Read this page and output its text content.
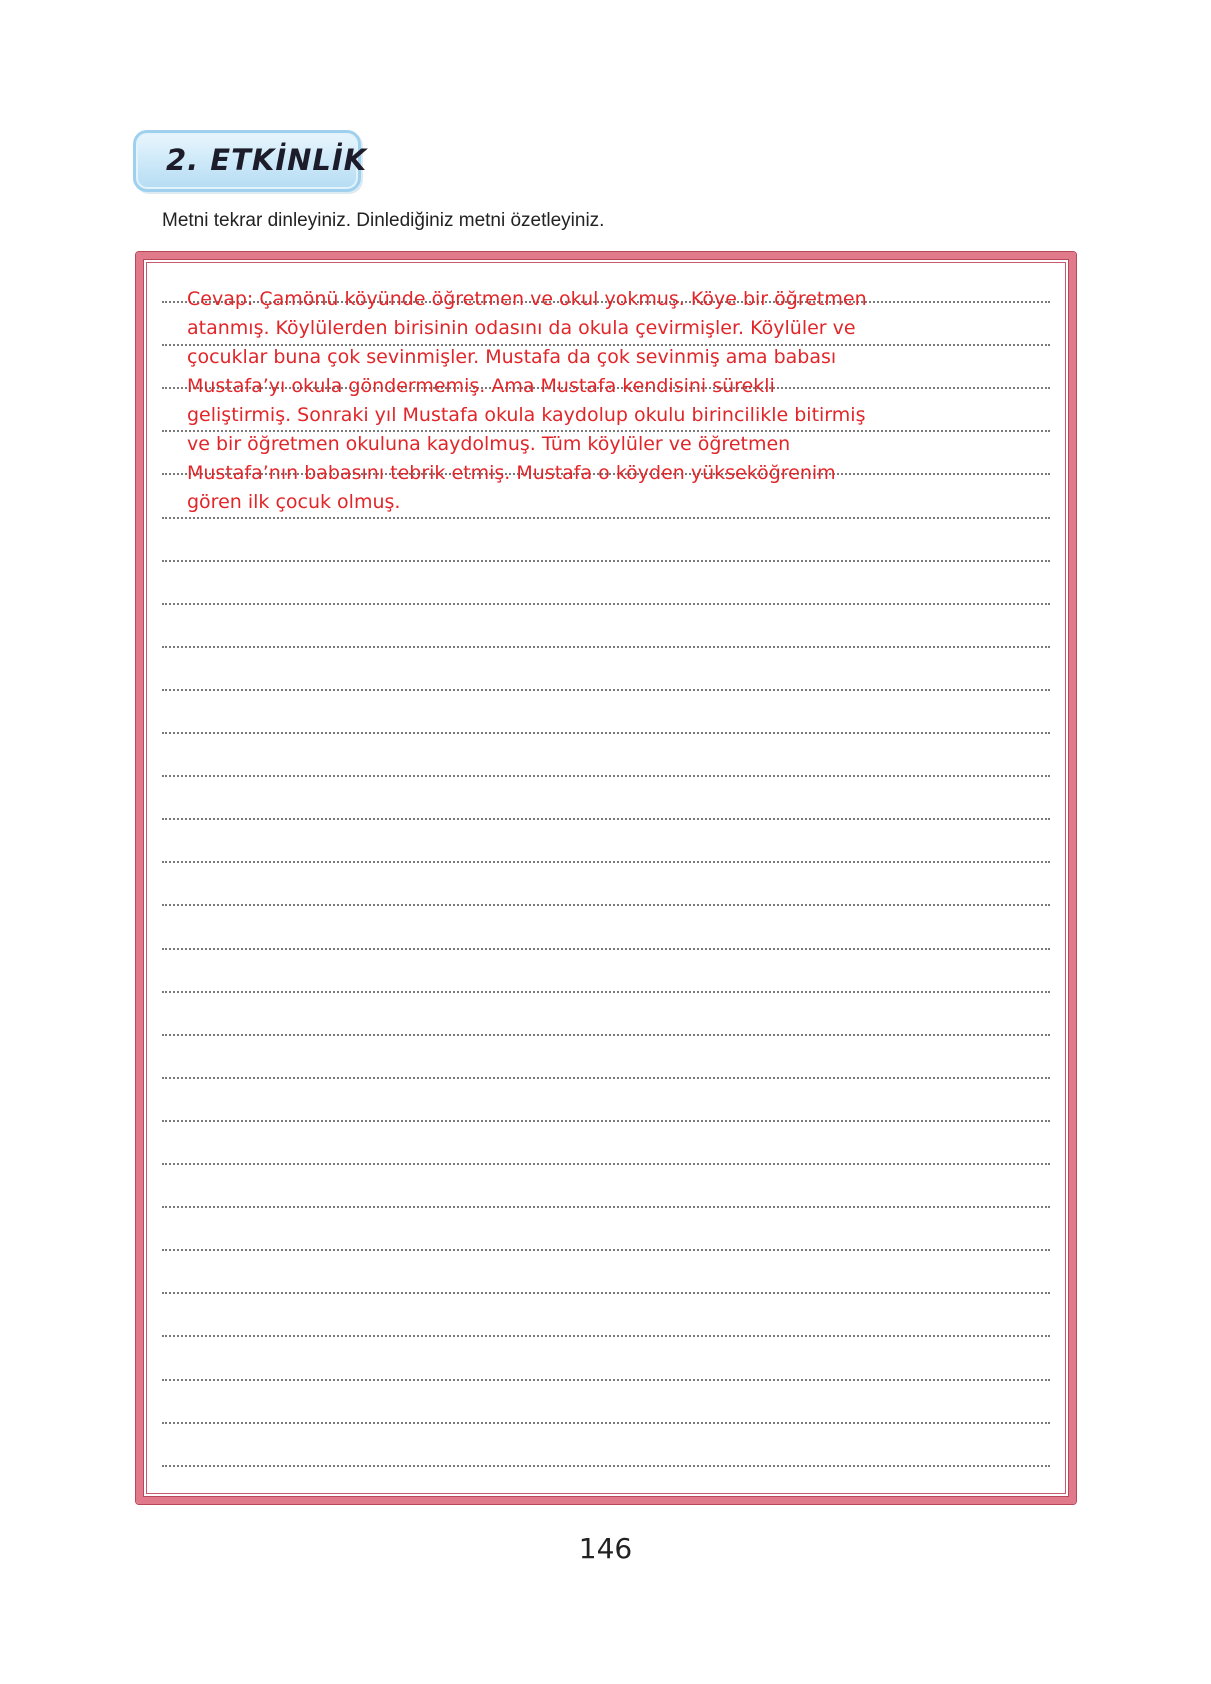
2. ETKİNLİK
Metni tekrar dinleyiniz. Dinlediğiniz metni özetleyiniz.
Cevap: Çamönü köyünde öğretmen ve okul yokmuş. Köye bir öğretmen
atanmış. Köylülerden birisinin odasını da okula çevirmişler. Köylüler ve
çocuklar buna çok sevinmişler. Mustafa da çok sevinmiş ama babası
Mustafa’yı okula göndermemiş. Ama Mustafa kendisini sürekli
geliştirmiş. Sonraki yıl Mustafa okula kaydolup okulu birincilikle bitirmiş
ve bir öğretmen okuluna kaydolmuş. Tüm köylüler ve öğretmen
Mustafa’nın babasını tebrik etmiş. Mustafa o köyden yükseköğrenim
gören ilk çocuk olmuş.
146
